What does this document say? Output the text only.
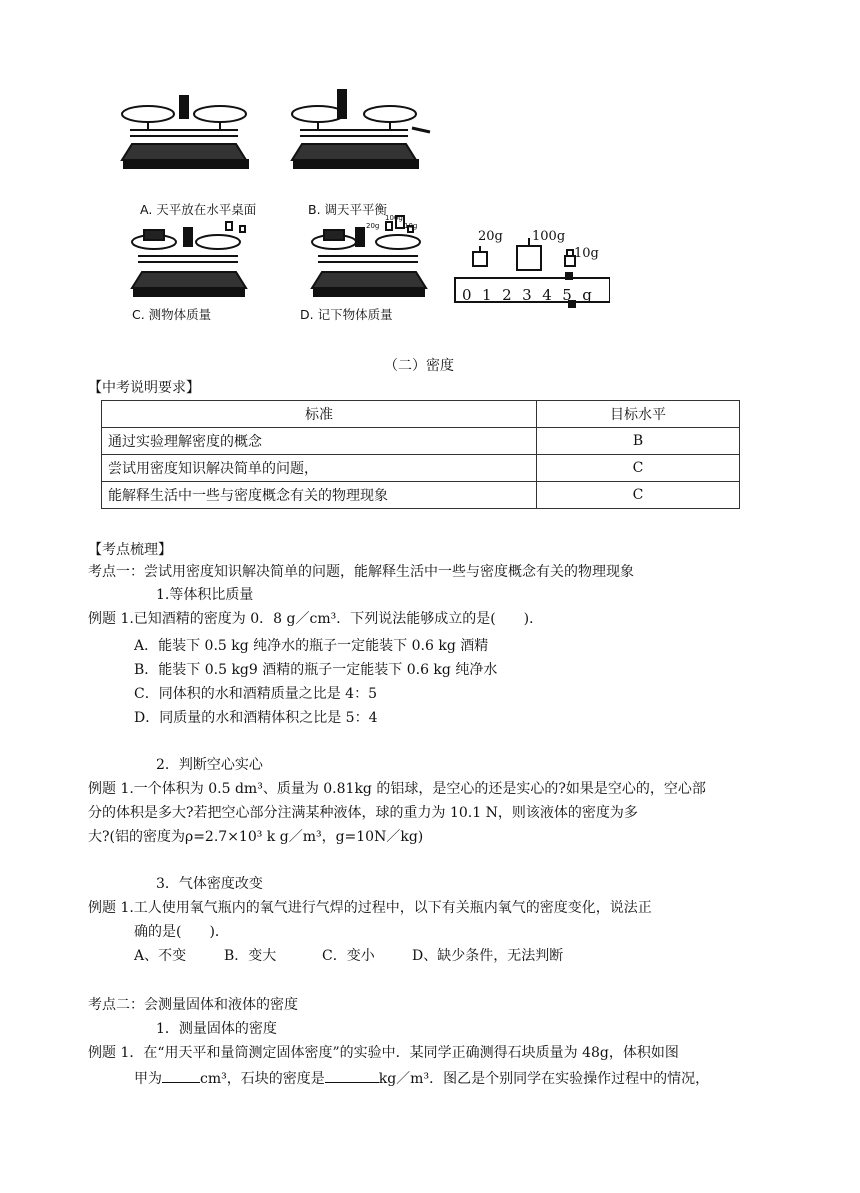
A. 天平放在水平桌面	B. 调天平平衡
C. 测物体质量	D. 记下物体质量
100g
20g	10g
20g 100g
10g
0 1 2 3 4 5 g
（二）密度
【中考说明要求】
标准	目标水平
通过实验理解密度的概念	B
尝试用密度知识解决简单的问题，	C
能解释生活中一些与密度概念有关的物理现象	C
【考点梳理】
考点一：尝试用密度知识解决简单的问题，能解释生活中一些与密度概念有关的物理现象
1.等体积比质量
例题 1.已知酒精的密度为 0．8 g／cm³．下列说法能够成立的是(　　)．
A．能装下 0.5 kg 纯净水的瓶子一定能装下 0.6 kg 酒精
B．能装下 0.5 kg9 酒精的瓶子一定能装下 0.6 kg 纯净水
C．同体积的水和酒精质量之比是 4：5
D．同质量的水和酒精体积之比是 5：4
2．判断空心实心
例题 1.一个体积为 0.5 dm³、质量为 0.81kg 的铝球，是空心的还是实心的?如果是空心的，空心部
分的体积是多大?若把空心部分注满某种液体，球的重力为 10.1 N，则该液体的密度为多
大?(铝的密度为ρ=2.7×10³ k g／m³，g=10N／kg)
3．气体密度改变
例题 1.工人使用氧气瓶内的氧气进行气焊的过程中，以下有关瓶内氧气的密度变化，说法正
确的是(　　)．
A、不变	B．变大	C．变小	D、缺少条件，无法判断
考点二：会测量固体和液体的密度
1．测量固体的密度
例题 1．在“用天平和量筒测定固体密度”的实验中．某同学正确测得石块质量为 48g，体积如图
甲为	cm³，石块的密度是	kg／m³．图乙是个别同学在实验操作过程中的情况，
